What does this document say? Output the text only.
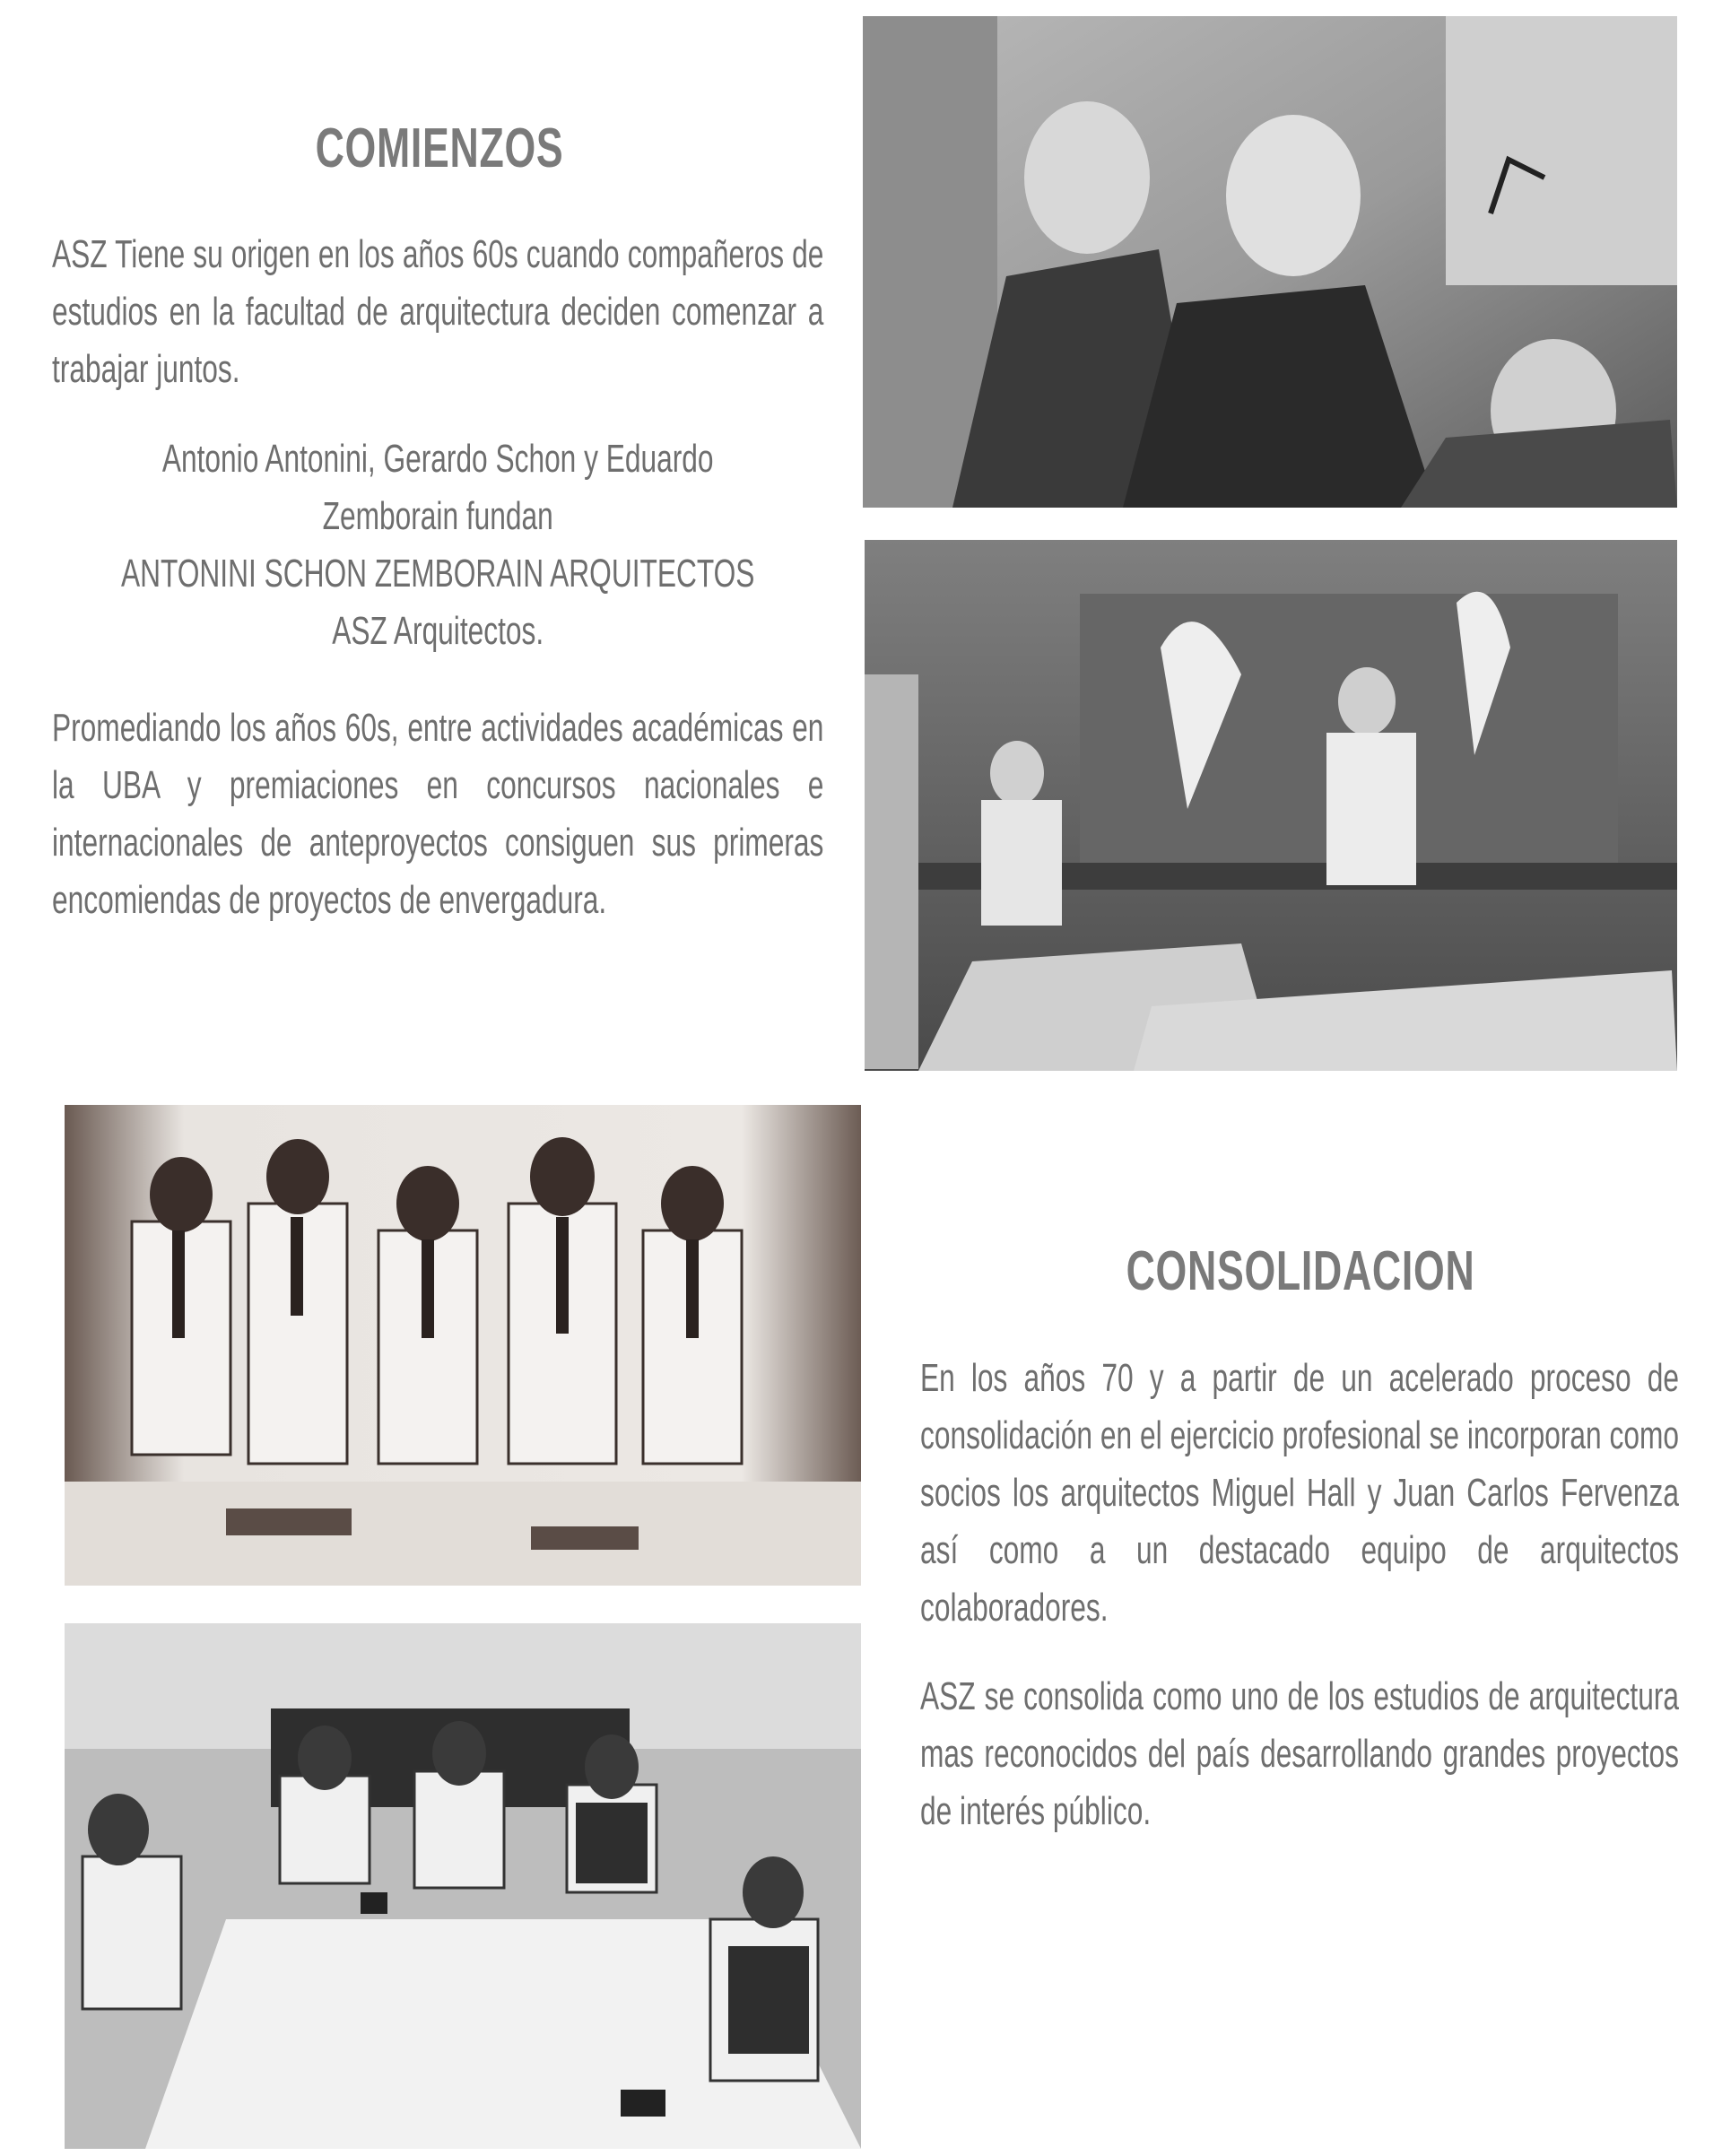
COMIENZOS
ASZ Tiene su origen en los años 60s cuando compañeros de estudios en la facultad de arquitectura deciden comenzar a trabajar juntos.
Antonio Antonini, Gerardo Schon y Eduardo
Zemborain fundan
ANTONINI SCHON ZEMBORAIN ARQUITECTOS
ASZ Arquitectos.
Promediando los años 60s, entre actividades académicas en la UBA y premiaciones en concursos nacionales e internacionales de anteproyectos consiguen sus primeras encomiendas de proyectos de envergadura.
CONSOLIDACION
En los años 70 y a partir de un acelerado proceso de consolidación en el ejercicio profesional se incorporan como socios los arquitectos Miguel Hall y Juan Carlos Fervenza así como a un destacado equipo de arquitectos colaboradores.
ASZ se consolida como uno de los estudios de arquitectura mas reconocidos del país desarrollando grandes proyectos de interés público.
